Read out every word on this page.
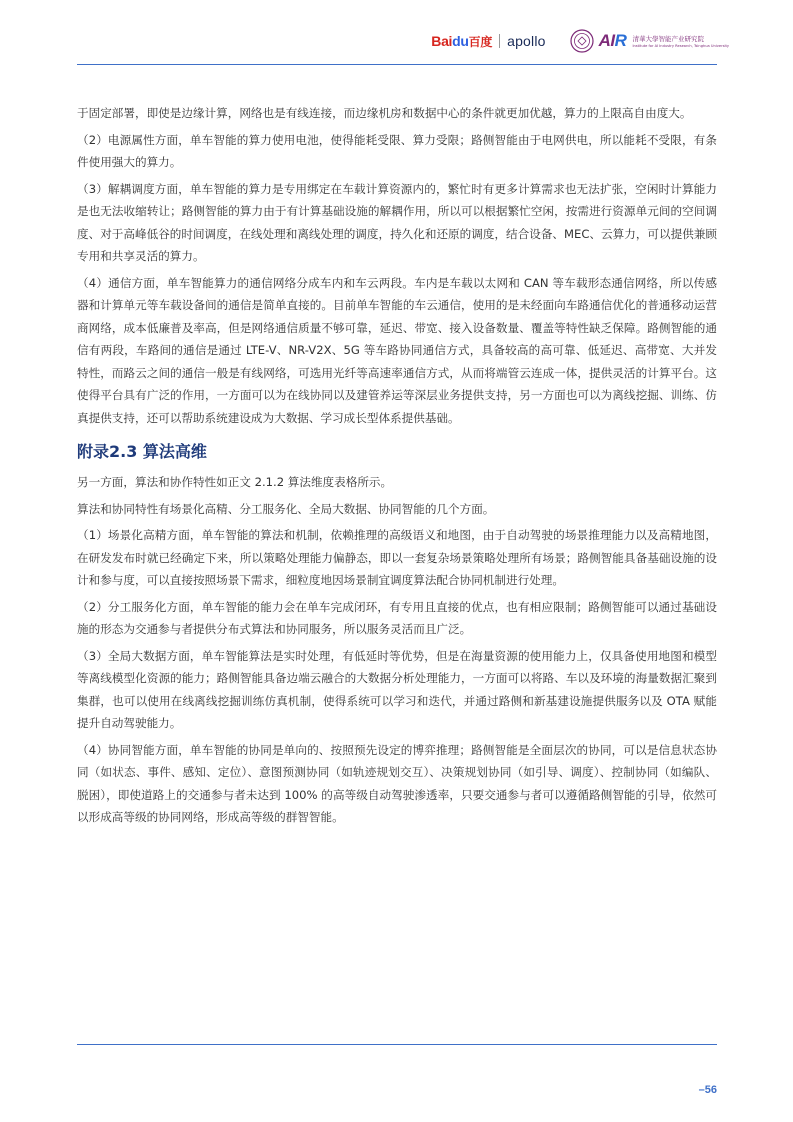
Baidu百度 apollo	AIR 清華大學智能产业研究院
Institute for AI Industry Research, Tsinghua University

于固定部署，即使是边缘计算，网络也是有线连接，而边缘机房和数据中心的条件就更加优越，算力的上限高自由度大。

（2）电源属性方面，单车智能的算力使用电池，使得能耗受限、算力受限；路侧智能由于电网供电，所以能耗不受限，有条件使用强大的算力。

（3）解耦调度方面，单车智能的算力是专用绑定在车载计算资源内的，繁忙时有更多计算需求也无法扩张，空闲时计算能力是也无法收缩转让；路侧智能的算力由于有计算基础设施的解耦作用，所以可以根据繁忙空闲，按需进行资源单元间的空间调度、对于高峰低谷的时间调度，在线处理和离线处理的调度，持久化和还原的调度，结合设备、MEC、云算力，可以提供兼顾专用和共享灵活的算力。

（4）通信方面，单车智能算力的通信网络分成车内和车云两段。车内是车载以太网和 CAN 等车载形态通信网络，所以传感器和计算单元等车载设备间的通信是简单直接的。目前单车智能的车云通信，使用的是未经面向车路通信优化的普通移动运营商网络，成本低廉普及率高，但是网络通信质量不够可靠，延迟、带宽、接入设备数量、覆盖等特性缺乏保障。路侧智能的通信有两段，车路间的通信是通过 LTE-V、NR-V2X、5G 等车路协同通信方式，具备较高的高可靠、低延迟、高带宽、大并发特性，而路云之间的通信一般是有线网络，可选用光纤等高速率通信方式，从而将端管云连成一体，提供灵活的计算平台。这使得平台具有广泛的作用，一方面可以为在线协同以及建管养运等深层业务提供支持，另一方面也可以为离线挖掘、训练、仿真提供支持，还可以帮助系统建设成为大数据、学习成长型体系提供基础。

附录2.3 算法高维

另一方面，算法和协作特性如正文 2.1.2 算法维度表格所示。

算法和协同特性有场景化高精、分工服务化、全局大数据、协同智能的几个方面。

（1）场景化高精方面，单车智能的算法和机制，依赖推理的高级语义和地图，由于自动驾驶的场景推理能力以及高精地图，在研发发布时就已经确定下来，所以策略处理能力偏静态，即以一套复杂场景策略处理所有场景；路侧智能具备基础设施的设计和参与度，可以直接按照场景下需求，细粒度地因场景制宜调度算法配合协同机制进行处理。

（2）分工服务化方面，单车智能的能力会在单车完成闭环，有专用且直接的优点，也有相应限制；路侧智能可以通过基础设施的形态为交通参与者提供分布式算法和协同服务，所以服务灵活而且广泛。

（3）全局大数据方面，单车智能算法是实时处理，有低延时等优势，但是在海量资源的使用能力上，仅具备使用地图和模型等离线模型化资源的能力；路侧智能具备边端云融合的大数据分析处理能力，一方面可以将路、车以及环境的海量数据汇聚到集群，也可以使用在线离线挖掘训练仿真机制，使得系统可以学习和迭代，并通过路侧和新基建设施提供服务以及 OTA 赋能提升自动驾驶能力。

（4）协同智能方面，单车智能的协同是单向的、按照预先设定的博弈推理；路侧智能是全面层次的协同，可以是信息状态协同（如状态、事件、感知、定位）、意图预测协同（如轨迹规划交互）、决策规划协同（如引导、调度）、控制协同（如编队、脱困），即使道路上的交通参与者未达到 100% 的高等级自动驾驶渗透率，只要交通参与者可以遵循路侧智能的引导，依然可以形成高等级的协同网络，形成高等级的群智智能。

–56
